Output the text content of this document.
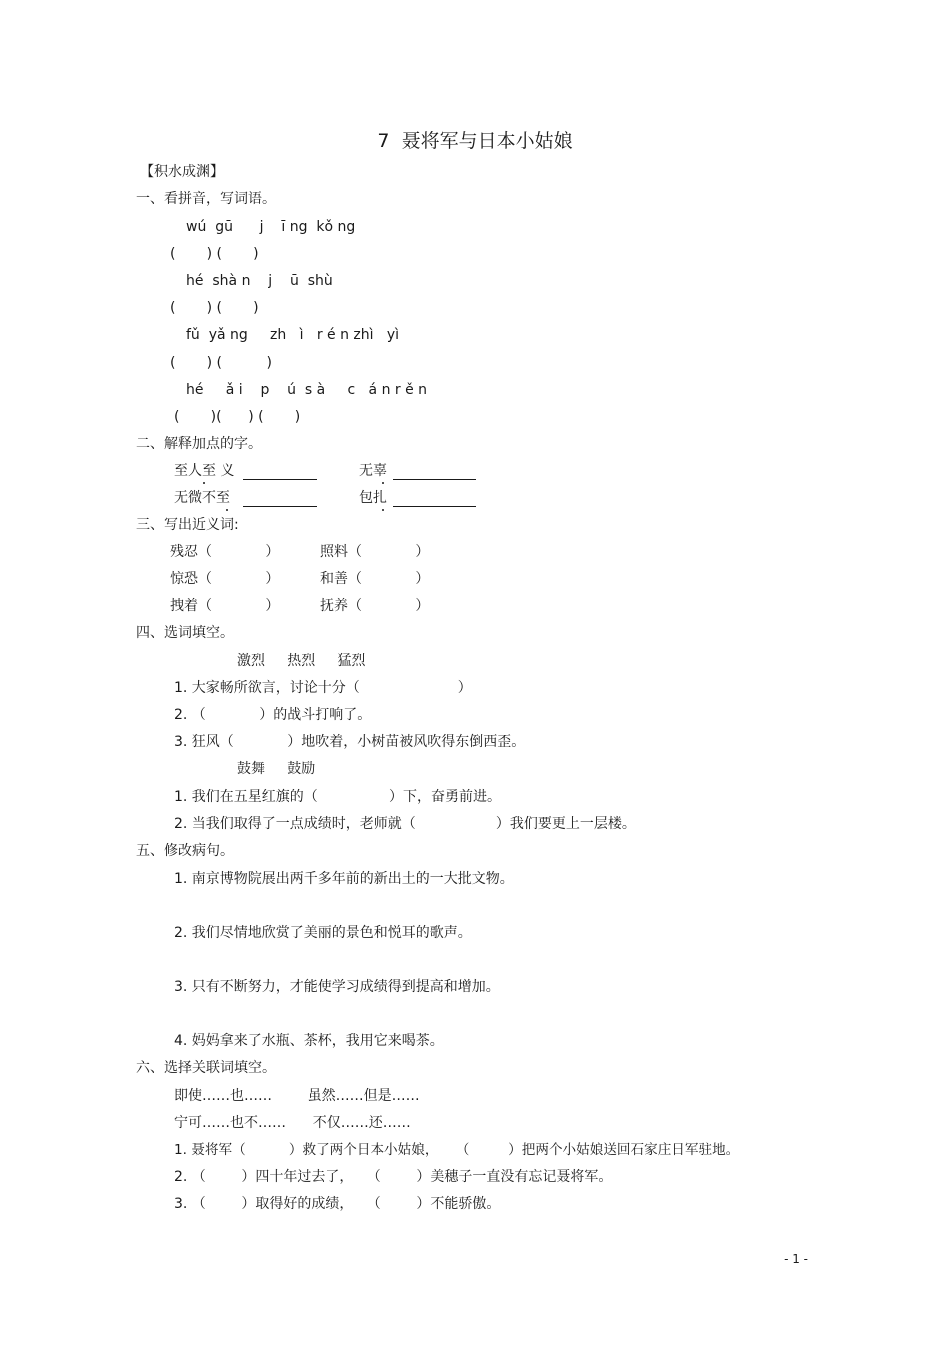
7  聂将军与日本小姑娘
【积水成渊】
一、看拼音，写词语。
wú  gū      j    ī ng  kǒ ng
(       ) (       )
hé  shà n    j    ū  shù
(       ) (       )
fǔ  yǎ ng     zh   ì   r é n zhì   yì
(       ) (          )
hé     ǎ i    p    ú  s à     c   á n r ě n
(       )(      ) (       )
二、解释加点的字。
至人至 义	无辜
无微不至	包扎
三、写出近义词:
残忍（            ）	照料（            ）
惊恐（            ）	和善（            ）
拽着（            ）	抚养（            ）
四、选词填空。
激烈     热烈     猛烈
1. 大家畅所欲言，讨论十分（                      ）
2. （            ）的战斗打响了。
3. 狂风（            ）地吹着，小树苗被风吹得东倒西歪。
鼓舞     鼓励
1. 我们在五星红旗的（                ）下，奋勇前进。
2. 当我们取得了一点成绩时，老师就（                  ）我们要更上一层楼。
五、修改病句。
1. 南京博物院展出两千多年前的新出土的一大批文物。
2. 我们尽情地欣赏了美丽的景色和悦耳的歌声。
3. 只有不断努力，才能使学习成绩得到提高和增加。
4. 妈妈拿来了水瓶、茶杯，我用它来喝茶。
六、选择关联词填空。
即使……也……        虽然……但是……
宁可……也不……      不仅……还……
1. 聂将军（          ）救了两个日本小姑娘，    （         ）把两个小姑娘送回石家庄日军驻地。
2. （        ）四十年过去了，   （        ）美穗子一直没有忘记聂将军。
3. （        ）取得好的成绩，   （        ）不能骄傲。
- 1 -
